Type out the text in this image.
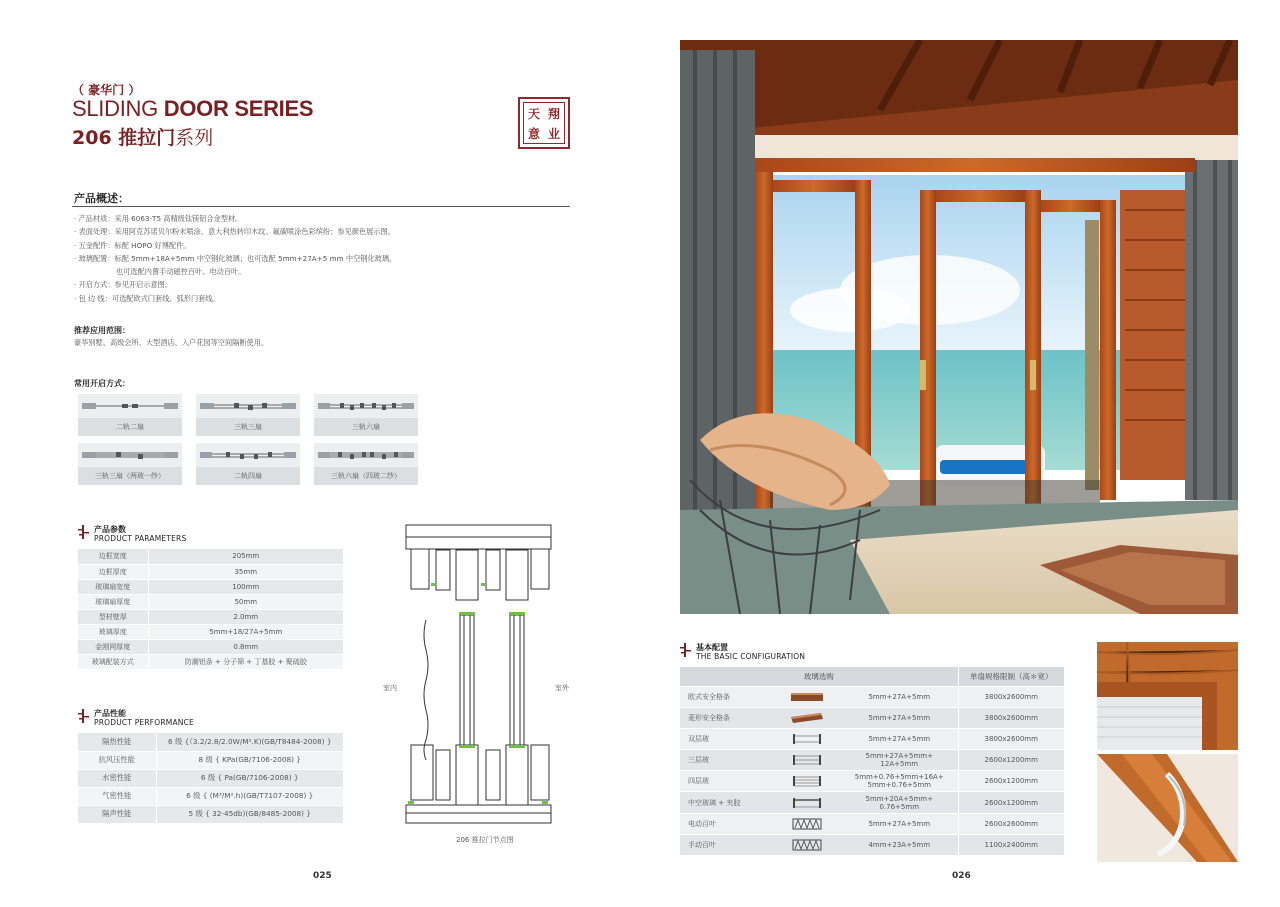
（ 豪华门 ）
SLIDING DOOR SERIES
206 推拉门系列
天 翔
意 业
产品概述：
· 产品材质：采用 6063-T5 高精级钛镁铝合金型材。
· 表面处理：采用阿克苏诺贝尔粉末喷涂、意大利热转印木纹、氟碳喷涂色彩缤纷；参见颜色展示图。
· 五金配件：标配 HOPO 好博配件。
· 玻璃配置：标配 5mm+18A+5mm 中空钢化玻璃；也可选配 5mm+27A+5 mm 中空钢化玻璃，
也可选配内置手动磁控百叶、电动百叶。
· 开启方式：参见开启示意图。
· 包 边 线：可选配欧式门套线、弧形门套线。
推荐应用范围：
豪华别墅、高级会所、大型酒店、入户花园等空间隔断使用。
常用开启方式：
二轨二扇	三轨三扇	三轨六扇
三轨三扇（两玻一纱）	二轨四扇	三轨六扇（四玻二纱）
产品参数
PRODUCT PARAMETERS
边框宽度	205mm
边框厚度	35mm
玻璃扇宽度	100mm
玻璃扇厚度	50mm
型材壁厚	2.0mm
玻璃厚度	5mm+18/27A+5mm
金刚网厚度	0.8mm
玻璃配装方式	防潮铝条 + 分子筛 + 丁基胶 + 聚硫胶
产品性能
PRODUCT PERFORMANCE
隔热性能	6 级 {（3.2/2.8/2.0W/M².K)(GB/T8484-2008) }
抗风压性能	8 级 { KPa(GB/7106-2008) }
水密性能	6 级 { Pa(GB/7106-2008) }
气密性能	6 级 { (M³/M².h)(GB/T7107-2008) }
隔声性能	5 级 { 32-45db)(GB/8485-2008) }
室内	室外
206 推拉门节点图
025
基本配置
THE BASIC CONFIGURATION
玻璃选购			单扇规格限制（高＊宽）
欧式安全格条		5mm+27A+5mm	3800x2600mm
菱形安全格条		5mm+27A+5mm	3800x2600mm
双层玻		5mm+27A+5mm	3800x2600mm
三层玻		5mm+27A+5mm+
12A+5mm	2600x1200mm
四层玻		5mm+0.76+5mm+16A+
5mm+0.76+5mm	2600x1200mm
中空玻璃 + 夹胶		5mm+20A+5mm+
0.76+5mm	2600x1200mm
电动百叶		5mm+27A+5mm	2600x2600mm
手动百叶		4mm+23A+5mm	1100x2400mm
026
